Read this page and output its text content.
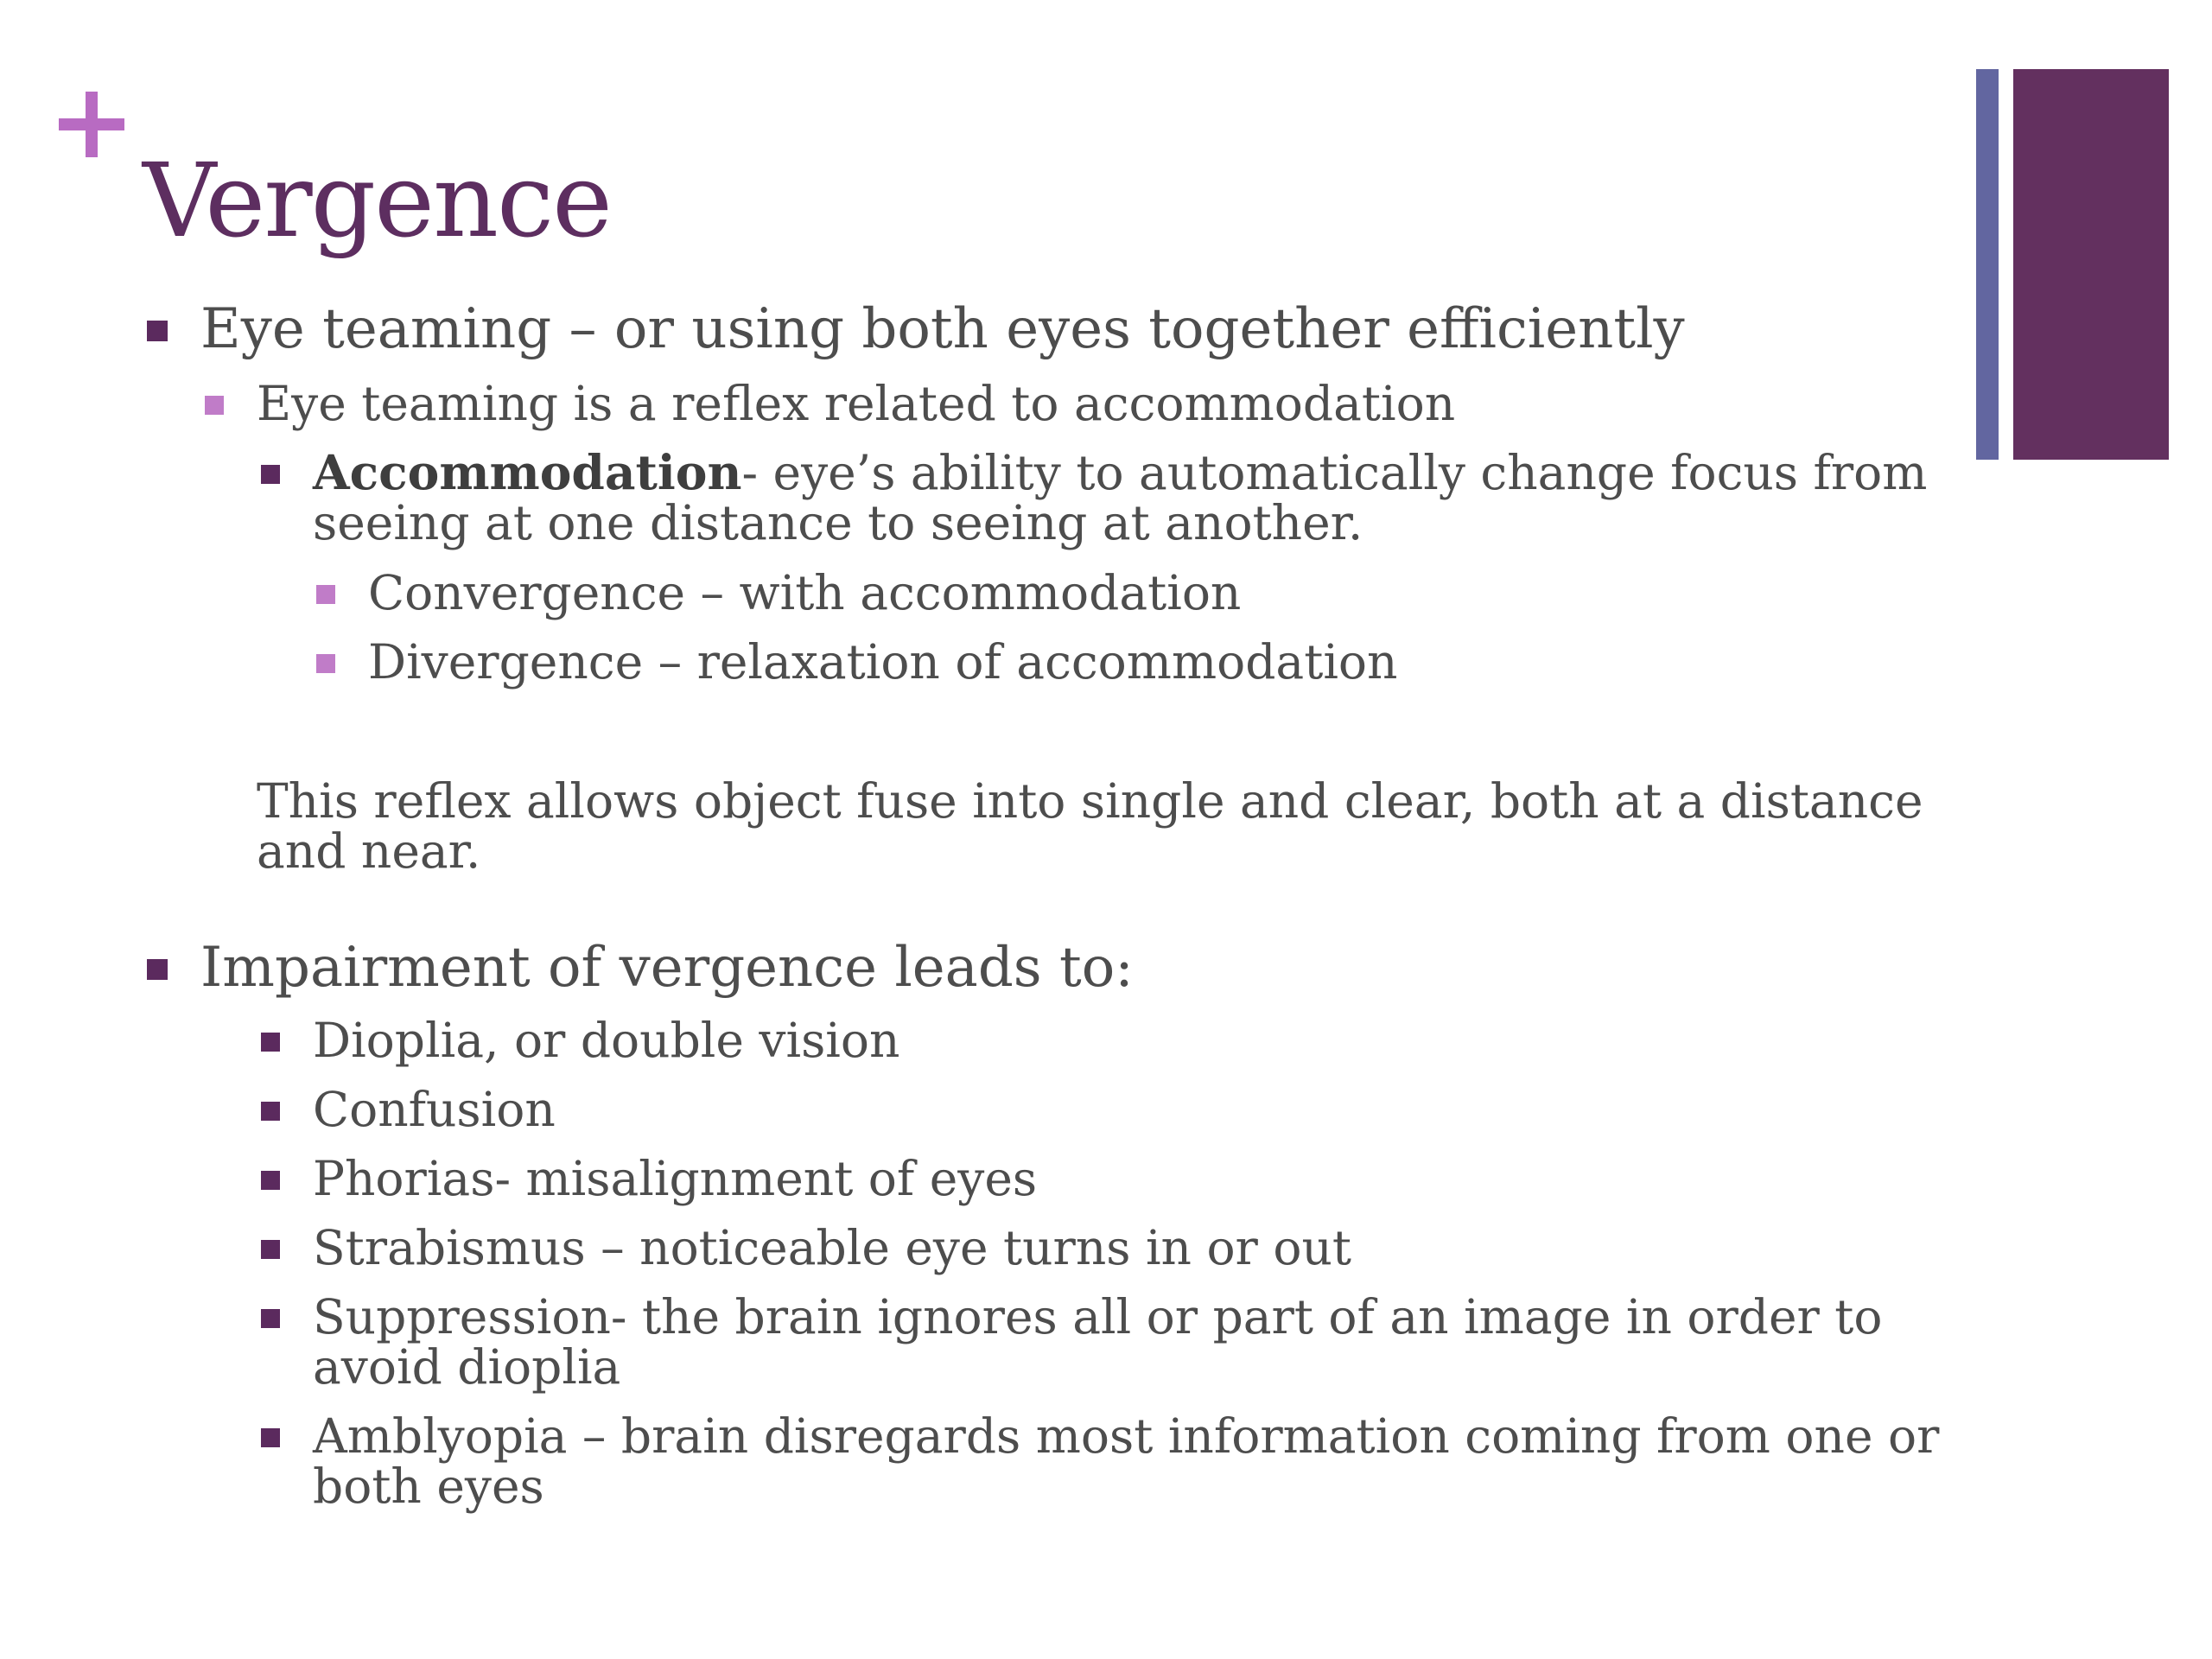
Vergence
Eye teaming – or using both eyes together efficiently
Eye teaming is a reflex related to accommodation
Accommodation- eye’s ability to automatically change focus from
seeing at one distance to seeing at another.
Convergence – with accommodation
Divergence – relaxation of accommodation
This reflex allows object fuse into single and clear, both at a distance
and near.
Impairment of vergence leads to:
Dioplia, or double vision
Confusion
Phorias- misalignment of eyes
Strabismus – noticeable eye turns in or out
Suppression- the brain ignores all or part of an image in order to
avoid dioplia
Amblyopia – brain disregards most information coming from one or
both eyes
